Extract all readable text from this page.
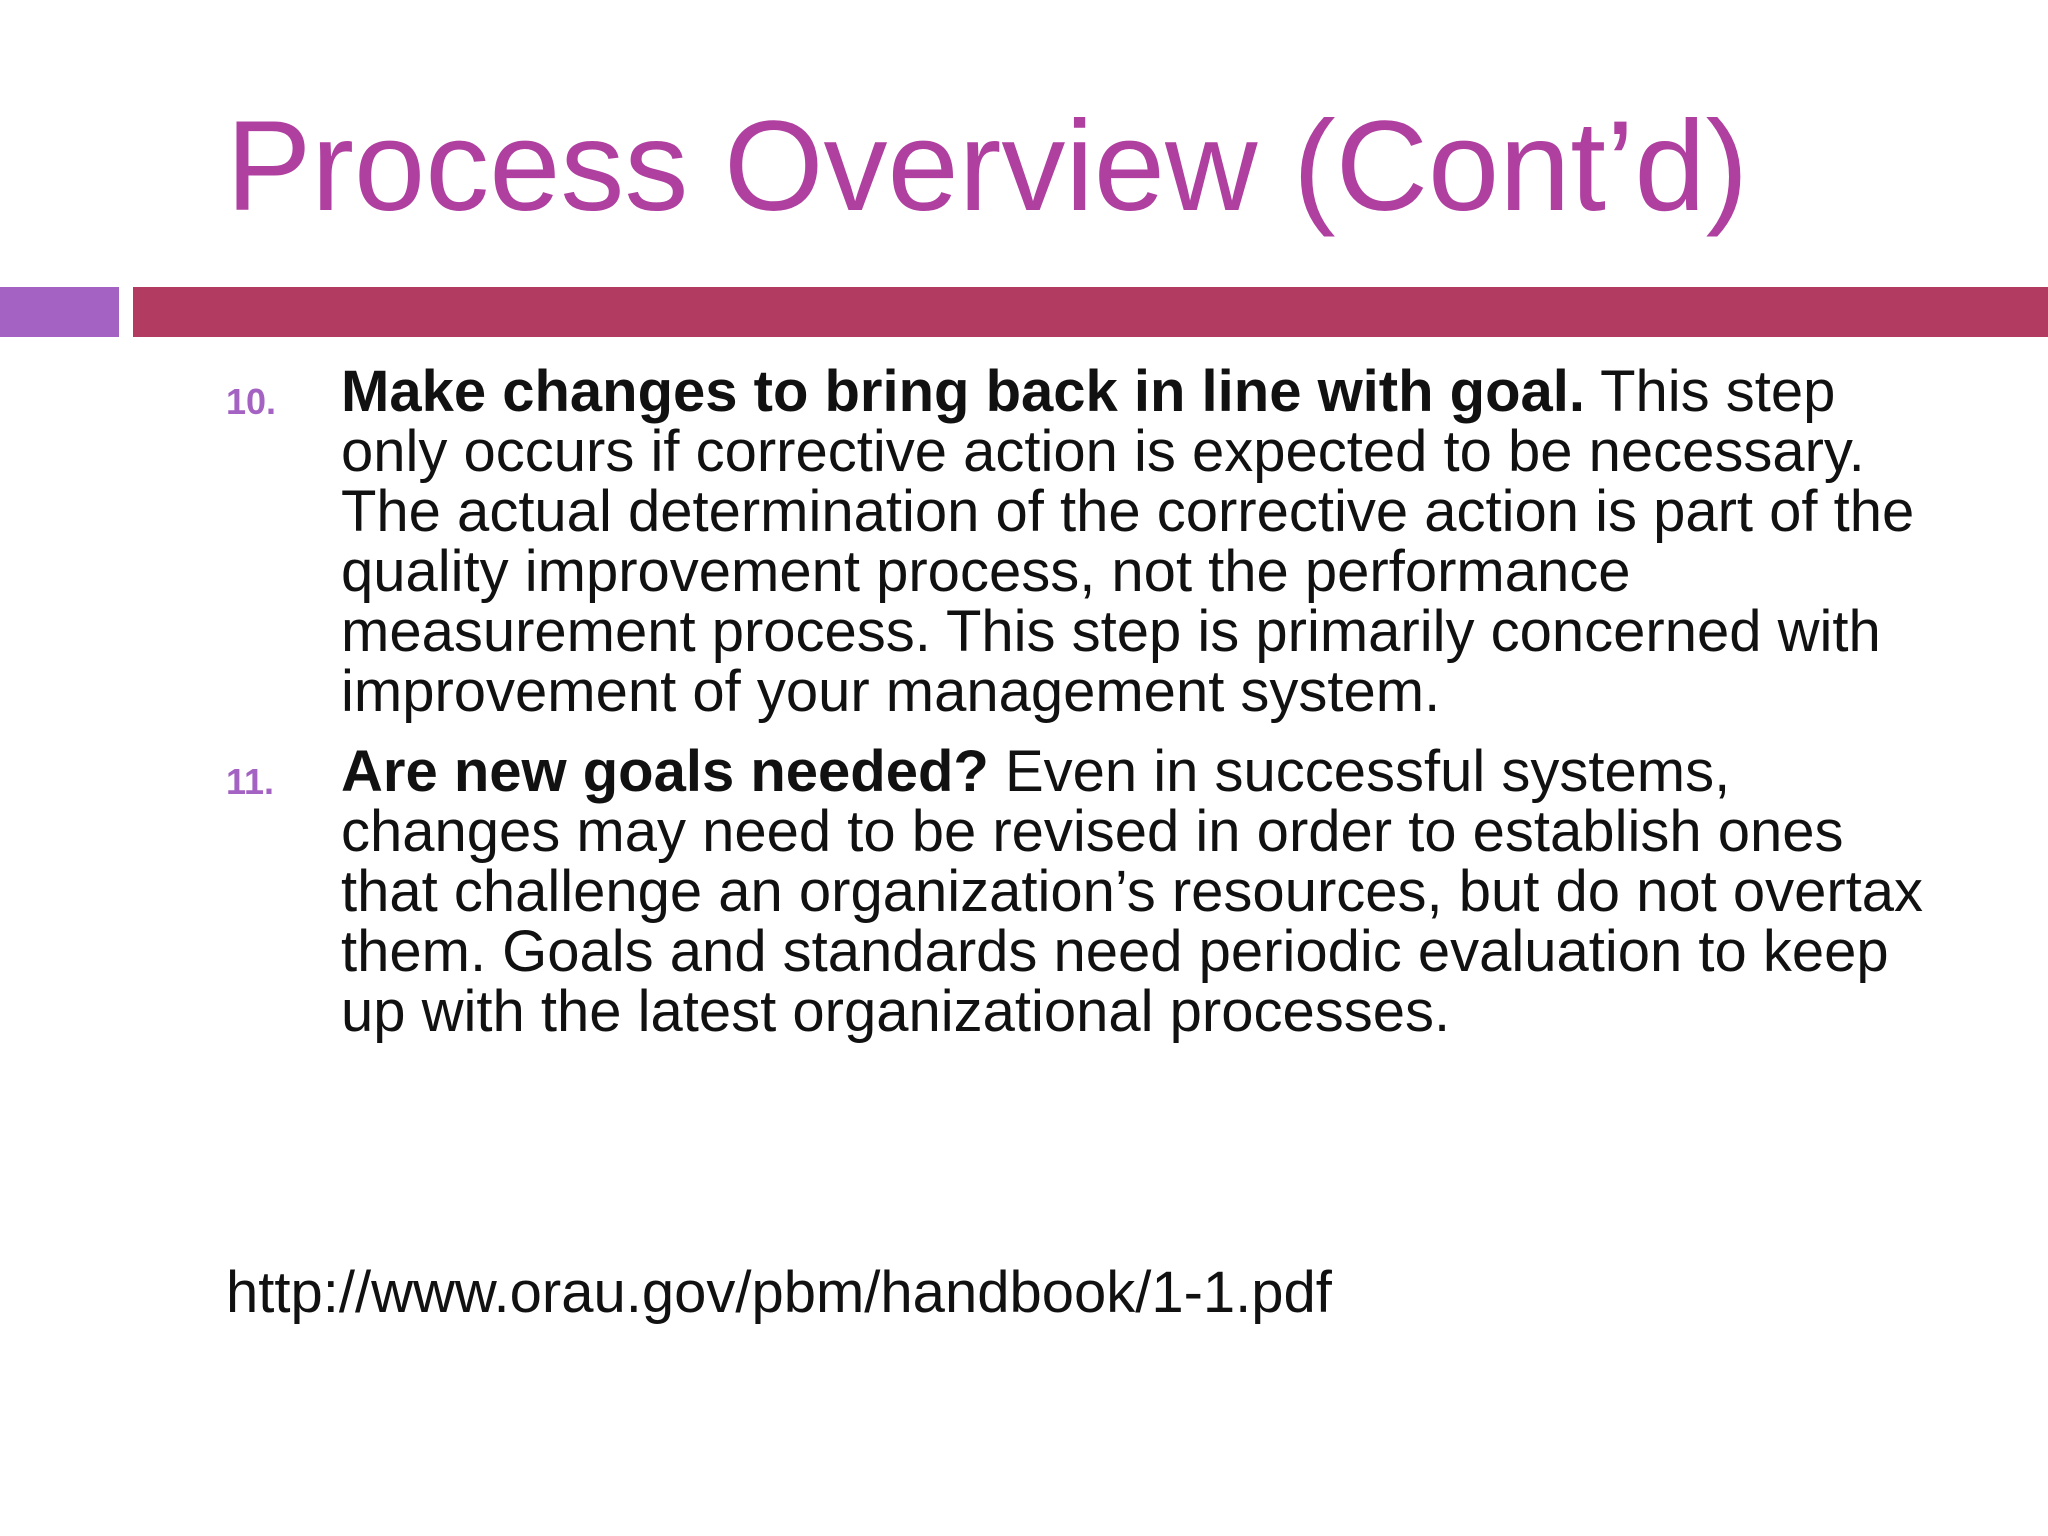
Process Overview (Cont’d)
10. Make changes to bring back in line with goal. This step only occurs if corrective action is expected to be necessary. The actual determination of the corrective action is part of the quality improvement process, not the performance measurement process. This step is primarily concerned with improvement of your management system.
11. Are new goals needed? Even in successful systems, changes may need to be revised in order to establish ones that challenge an organization’s resources, but do not overtax them. Goals and standards need periodic evaluation to keep up with the latest organizational processes.
http://www.orau.gov/pbm/handbook/1-1.pdf
